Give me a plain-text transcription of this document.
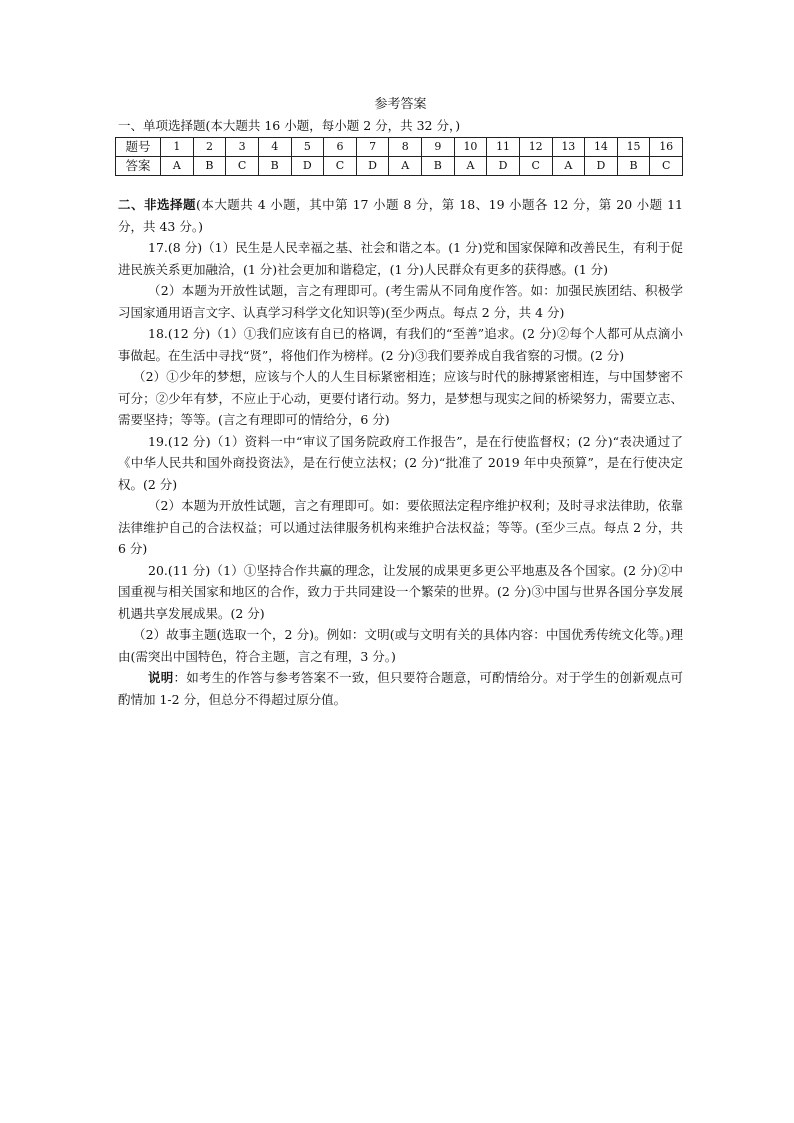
参考答案

一、单项选择题(本大题共 16 小题，每小题 2 分，共 32 分，)

题号	1	2	3	4	5	6	7	8	9	10	11	12	13	14	15	16
答案	A	B	C	B	D	C	D	A	B	A	D	C	A	D	B	C

二、非选择题(本大题共 4 小题，其中第 17 小题 8 分，第 18、19 小题各 12 分，第 20 小题 11 分，共 43 分。)

17.(8 分)（1）民生是人民幸福之基、社会和谐之本。(1 分)党和国家保障和改善民生，有利于促进民族关系更加融洽，(1 分)社会更加和谐稳定，(1 分)人民群众有更多的获得感。(1 分)

（2）本题为开放性试题，言之有理即可。(考生需从不同角度作答。如：加强民族团结、积极学习国家通用语言文字、认真学习科学文化知识等)(至少两点。每点 2 分，共 4 分)

18.(12 分)（1）①我们应该有自已的格调，有我们的“至善”追求。(2 分)②每个人都可从点滴小事做起。在生活中寻找“贤”，将他们作为榜样。(2 分)③我们要养成自我省察的习惯。(2 分)

（2）①少年的梦想，应该与个人的人生目标紧密相连；应该与时代的脉搏紧密相连，与中国梦密不可分；②少年有梦，不应止于心动，更要付诸行动。努力，是梦想与现实之间的桥梁努力，需要立志、需要坚持；等等。(言之有理即可的情给分，6 分)

19.(12 分)（1）资料一中“审议了国务院政府工作报告”，是在行使监督权；(2 分)“表决通过了《中华人民共和国外商投资法》，是在行使立法权；(2 分)“批准了 2019 年中央预算”，是在行使决定权。(2 分)

（2）本题为开放性试题，言之有理即可。如：要依照法定程序维护权利；及时寻求法律助，依靠法律维护自己的合法权益；可以通过法律服务机构来维护合法权益；等等。(至少三点。每点 2 分，共 6 分)

20.(11 分)（1）①坚持合作共赢的理念，让发展的成果更多更公平地惠及各个国家。(2 分)②中国重视与相关国家和地区的合作，致力于共同建设一个繁荣的世界。(2 分)③中国与世界各国分享发展机遇共享发展成果。(2 分)

（2）故事主题(选取一个，2 分)。例如：文明(或与文明有关的具体内容：中国优秀传统文化等。)理由(需突出中国特色，符合主题，言之有理，3 分。)

说明：如考生的作答与参考答案不一致，但只要符合题意，可酌情给分。对于学生的创新观点可酌情加 1-2 分，但总分不得超过原分值。
